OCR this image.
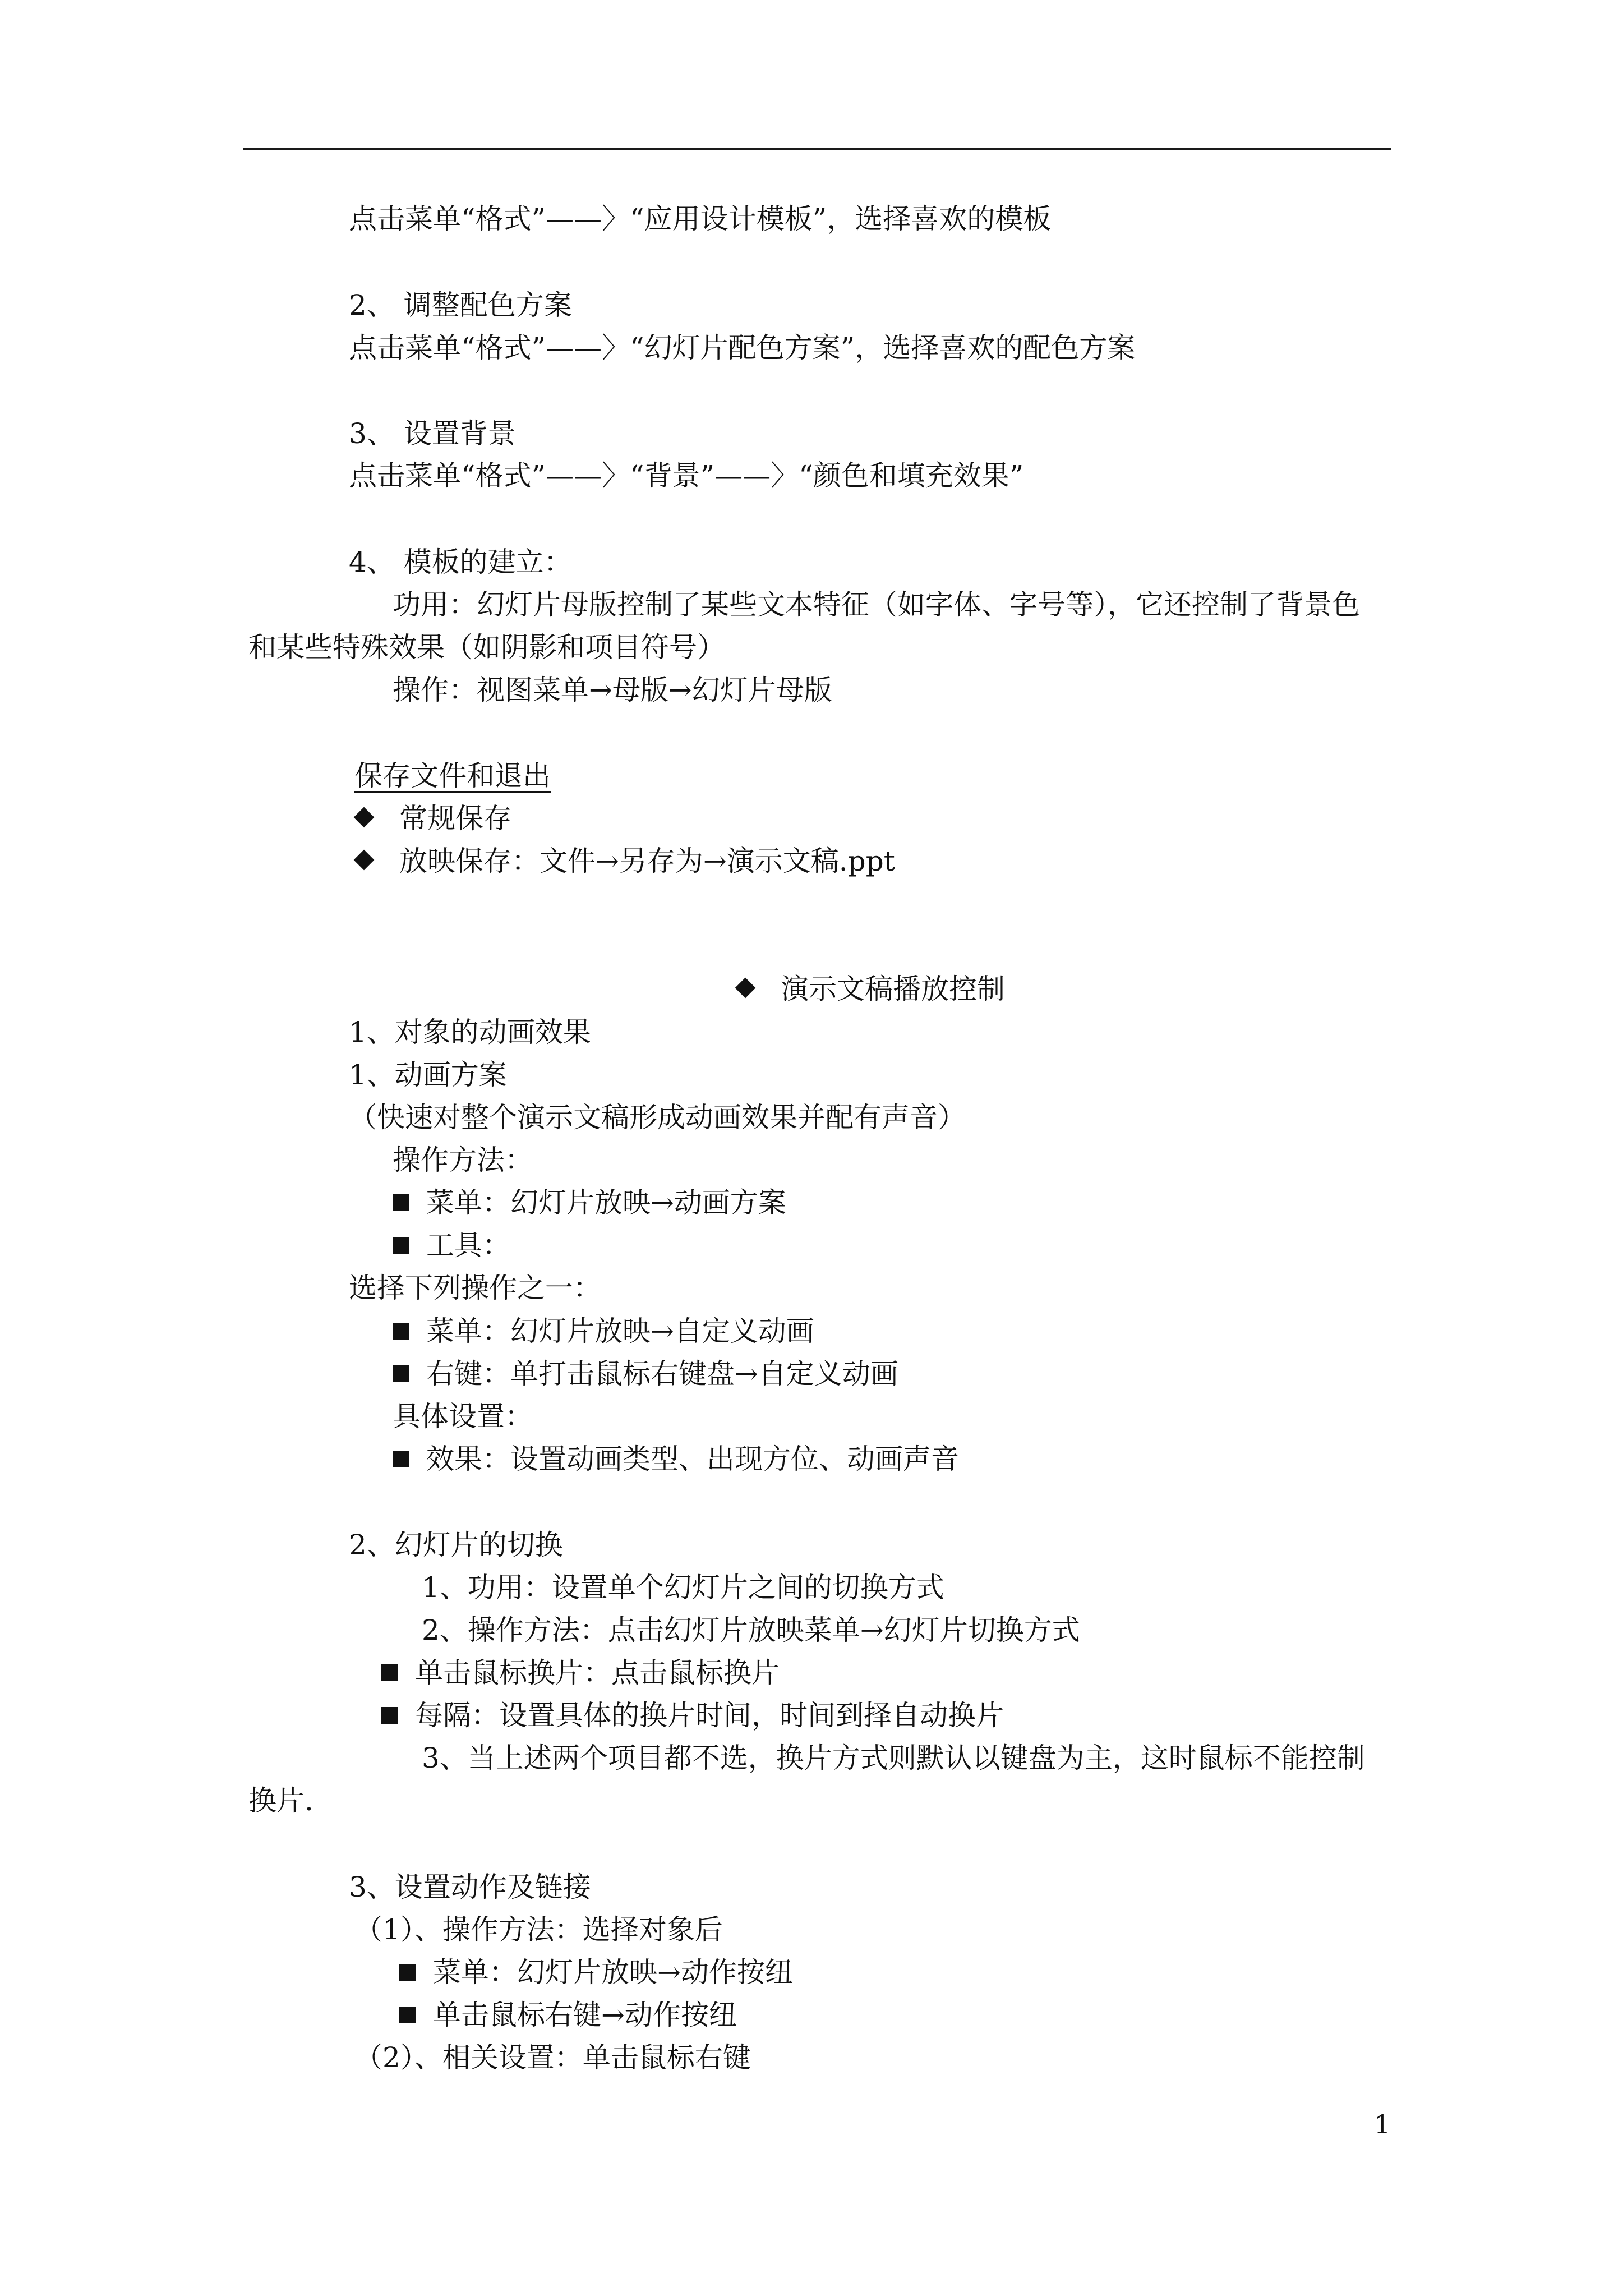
点击菜单“格式”——〉“应用设计模板”，选择喜欢的模板
2、 调整配色方案
点击菜单“格式”——〉“幻灯片配色方案”，选择喜欢的配色方案
3、 设置背景
点击菜单“格式”——〉“背景”——〉“颜色和填充效果”
4、 模板的建立：
功用：幻灯片母版控制了某些文本特征（如字体、字号等），它还控制了背景色
和某些特殊效果（如阴影和项目符号）
操作：视图菜单→母版→幻灯片母版
保存文件和退出
常规保存
放映保存：文件→另存为→演示文稿.ppt
演示文稿播放控制
1、对象的动画效果
1、动画方案
（快速对整个演示文稿形成动画效果并配有声音）
操作方法：
菜单：幻灯片放映→动画方案
工具：
选择下列操作之一：
菜单：幻灯片放映→自定义动画
右键：单打击鼠标右键盘→自定义动画
具体设置：
效果：设置动画类型、出现方位、动画声音
2、幻灯片的切换
1、功用：设置单个幻灯片之间的切换方式
2、操作方法：点击幻灯片放映菜单→幻灯片切换方式
单击鼠标换片：点击鼠标换片
每隔：设置具体的换片时间，时间到择自动换片
3、当上述两个项目都不选，换片方式则默认以键盘为主，这时鼠标不能控制
换片.
3、设置动作及链接
（1）、操作方法：选择对象后
菜单：幻灯片放映→动作按纽
单击鼠标右键→动作按纽
（2）、相关设置：单击鼠标右键
1
